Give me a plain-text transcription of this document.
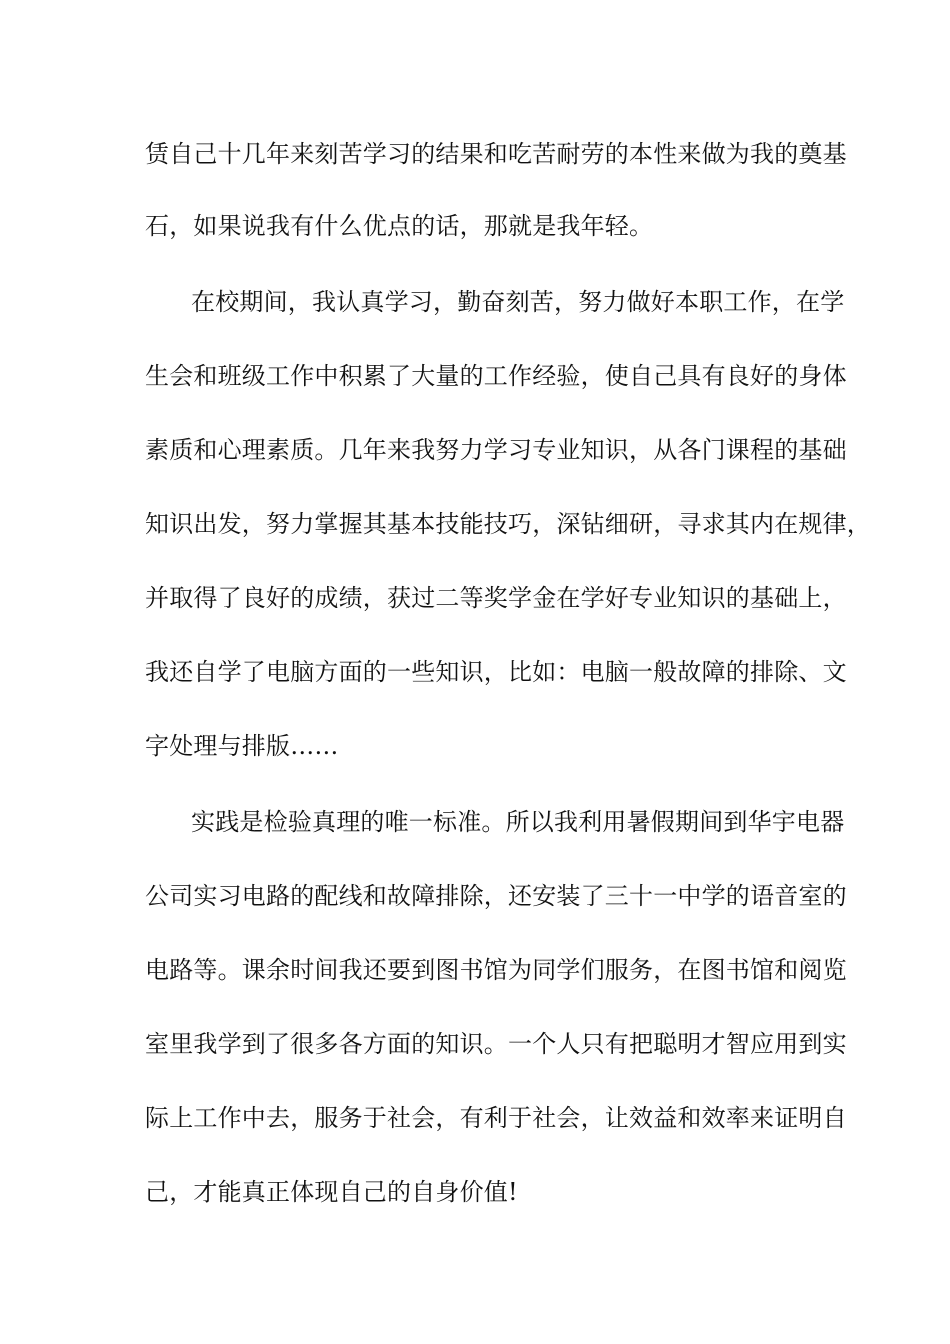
赁自己十几年来刻苦学习的结果和吃苦耐劳的本性来做为我的奠基
石，如果说我有什么优点的话，那就是我年轻。
在校期间，我认真学习，勤奋刻苦，努力做好本职工作，在学
生会和班级工作中积累了大量的工作经验，使自己具有良好的身体
素质和心理素质。几年来我努力学习专业知识，从各门课程的基础
知识出发，努力掌握其基本技能技巧，深钻细研，寻求其内在规律，
并取得了良好的成绩，获过二等奖学金在学好专业知识的基础上，
我还自学了电脑方面的一些知识，比如：电脑一般故障的排除、文
字处理与排版……
实践是检验真理的唯一标准。所以我利用暑假期间到华宇电器
公司实习电路的配线和故障排除，还安装了三十一中学的语音室的
电路等。课余时间我还要到图书馆为同学们服务，在图书馆和阅览
室里我学到了很多各方面的知识。一个人只有把聪明才智应用到实
际上工作中去，服务于社会，有利于社会，让效益和效率来证明自
己，才能真正体现自己的自身价值!
